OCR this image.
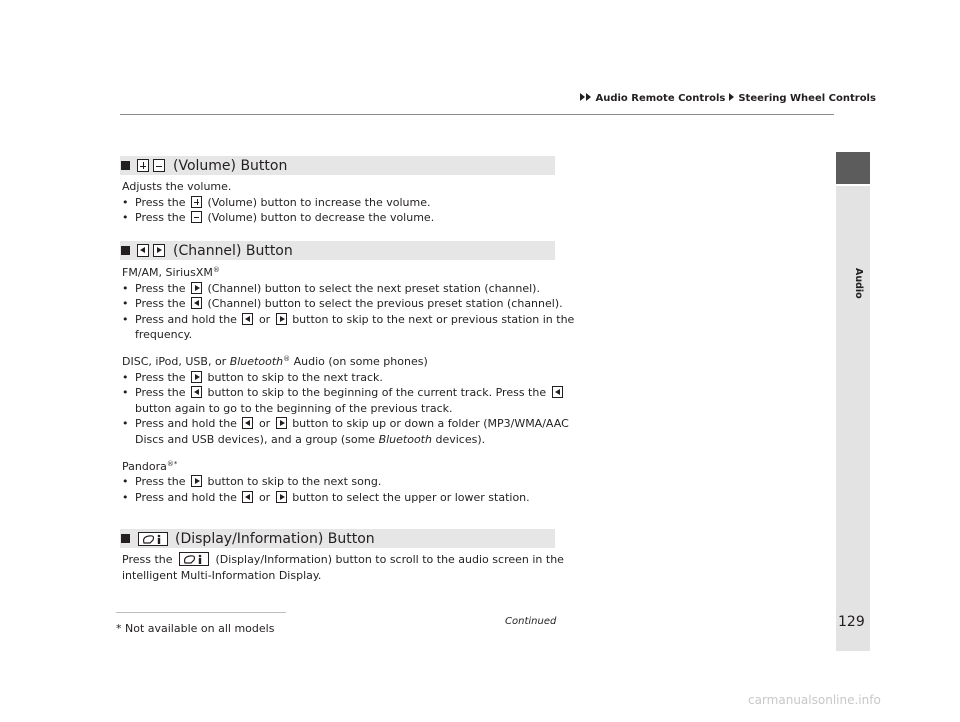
Audio Remote Controls Steering Wheel Controls
Audio
(Volume) Button
Adjusts the volume.
• Press the (Volume) button to increase the volume.
• Press the (Volume) button to decrease the volume.
(Channel) Button
FM/AM, SiriusXM®
• Press the (Channel) button to select the next preset station (channel).
• Press the (Channel) button to select the previous preset station (channel).
• Press and hold the or button to skip to the next or previous station in the
frequency.
DISC, iPod, USB, or Bluetooth® Audio (on some phones)
• Press the button to skip to the next track.
• Press the button to skip to the beginning of the current track. Press the
button again to go to the beginning of the previous track.
• Press and hold the or button to skip up or down a folder (MP3/WMA/AAC
Discs and USB devices), and a group (some Bluetooth devices).
Pandora®*
• Press the button to skip to the next song.
• Press and hold the or button to select the upper or lower station.
(Display/Information) Button
Press the	(Display/Information) button to scroll to the audio screen in the
intelligent Multi-Information Display.
Continued	129
* Not available on all models
carmanualsonline.info
